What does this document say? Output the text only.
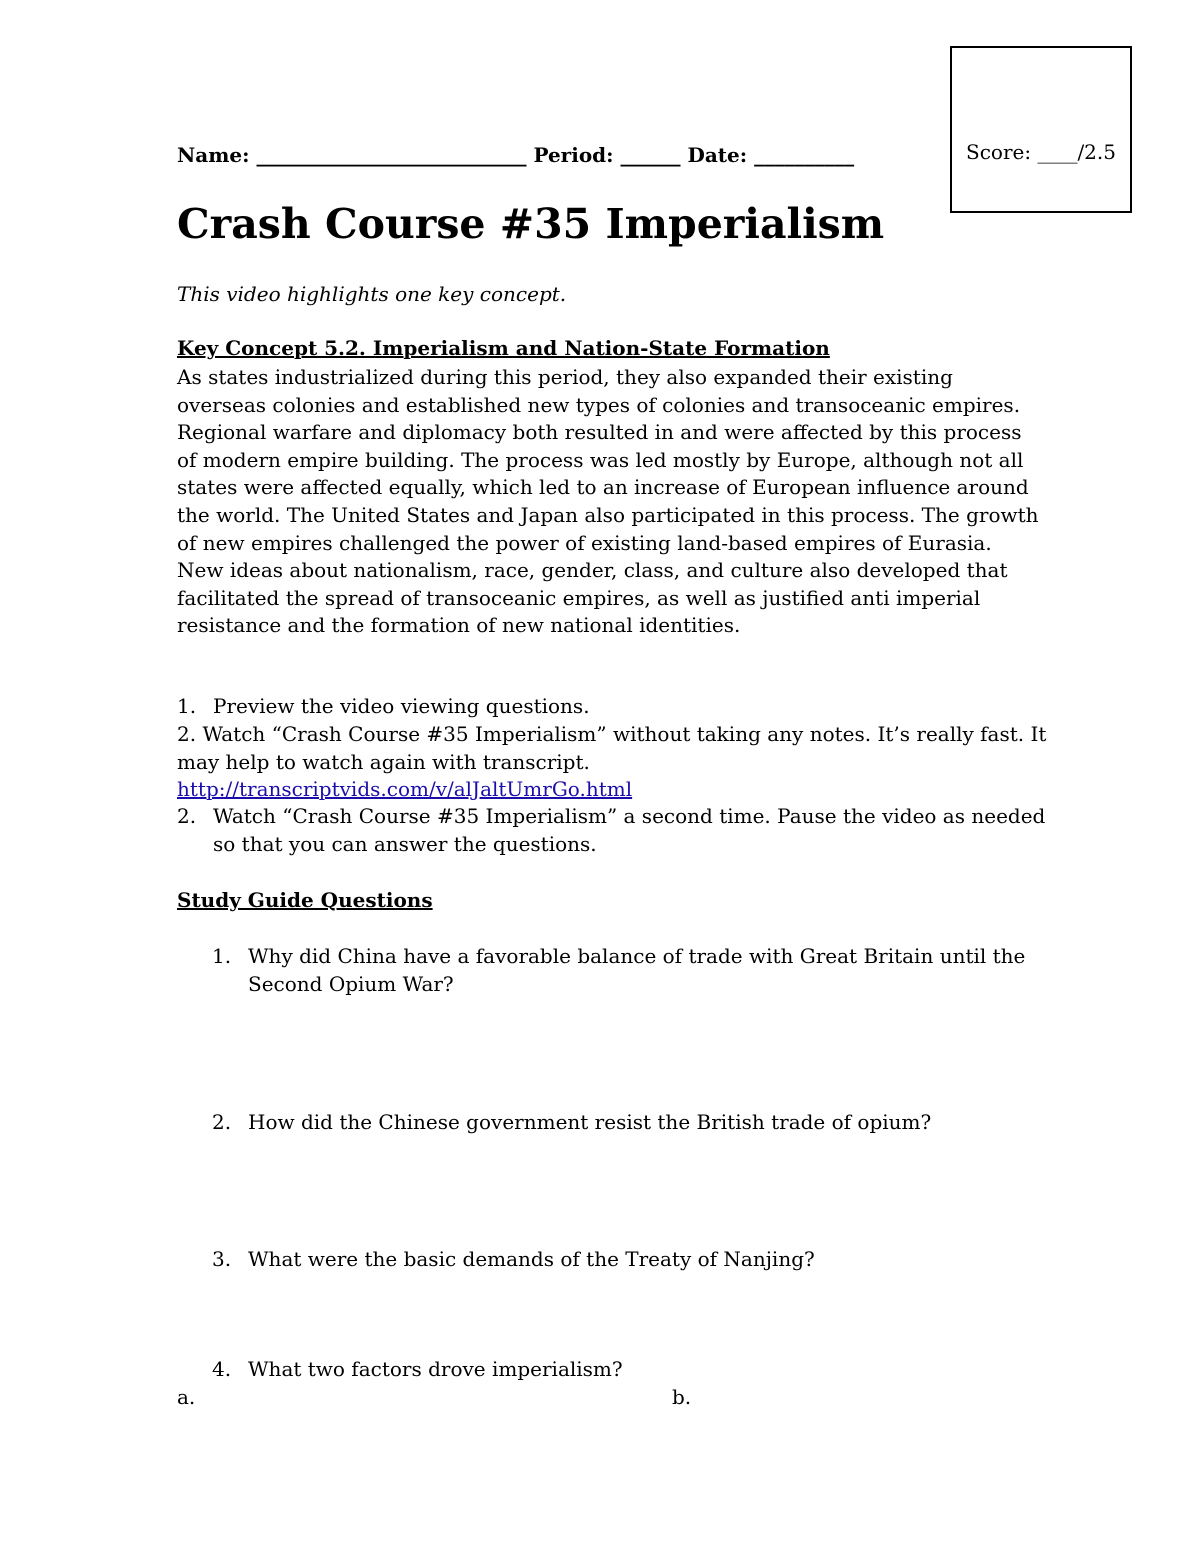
Score: ____/2.5
Name: ___________________________ Period: ______ Date: __________
Crash Course #35 Imperialism
This video highlights one key concept.
Key Concept 5.2. Imperialism and Nation-State Formation
As states industrialized during this period, they also expanded their existing
overseas colonies and established new types of colonies and transoceanic empires.
Regional warfare and diplomacy both resulted in and were affected by this process
of modern empire building. The process was led mostly by Europe, although not all
states were affected equally, which led to an increase of European influence around
the world. The United States and Japan also participated in this process. The growth
of new empires challenged the power of existing land-based empires of Eurasia.
New ideas about nationalism, race, gender, class, and culture also developed that
facilitated the spread of transoceanic empires, as well as justified anti imperial
resistance and the formation of new national identities.
1. Preview the video viewing questions.
2. Watch “Crash Course #35 Imperialism” without taking any notes. It’s really fast. It
may help to watch again with transcript.
http://transcriptvids.com/v/alJaltUmrGo.html
2. Watch “Crash Course #35 Imperialism” a second time. Pause the video as needed
so that you can answer the questions.
Study Guide Questions
1. Why did China have a favorable balance of trade with Great Britain until the Second Opium War?
2. How did the Chinese government resist the British trade of opium?
3. What were the basic demands of the Treaty of Nanjing?
4. What two factors drove imperialism?
a.	b.
